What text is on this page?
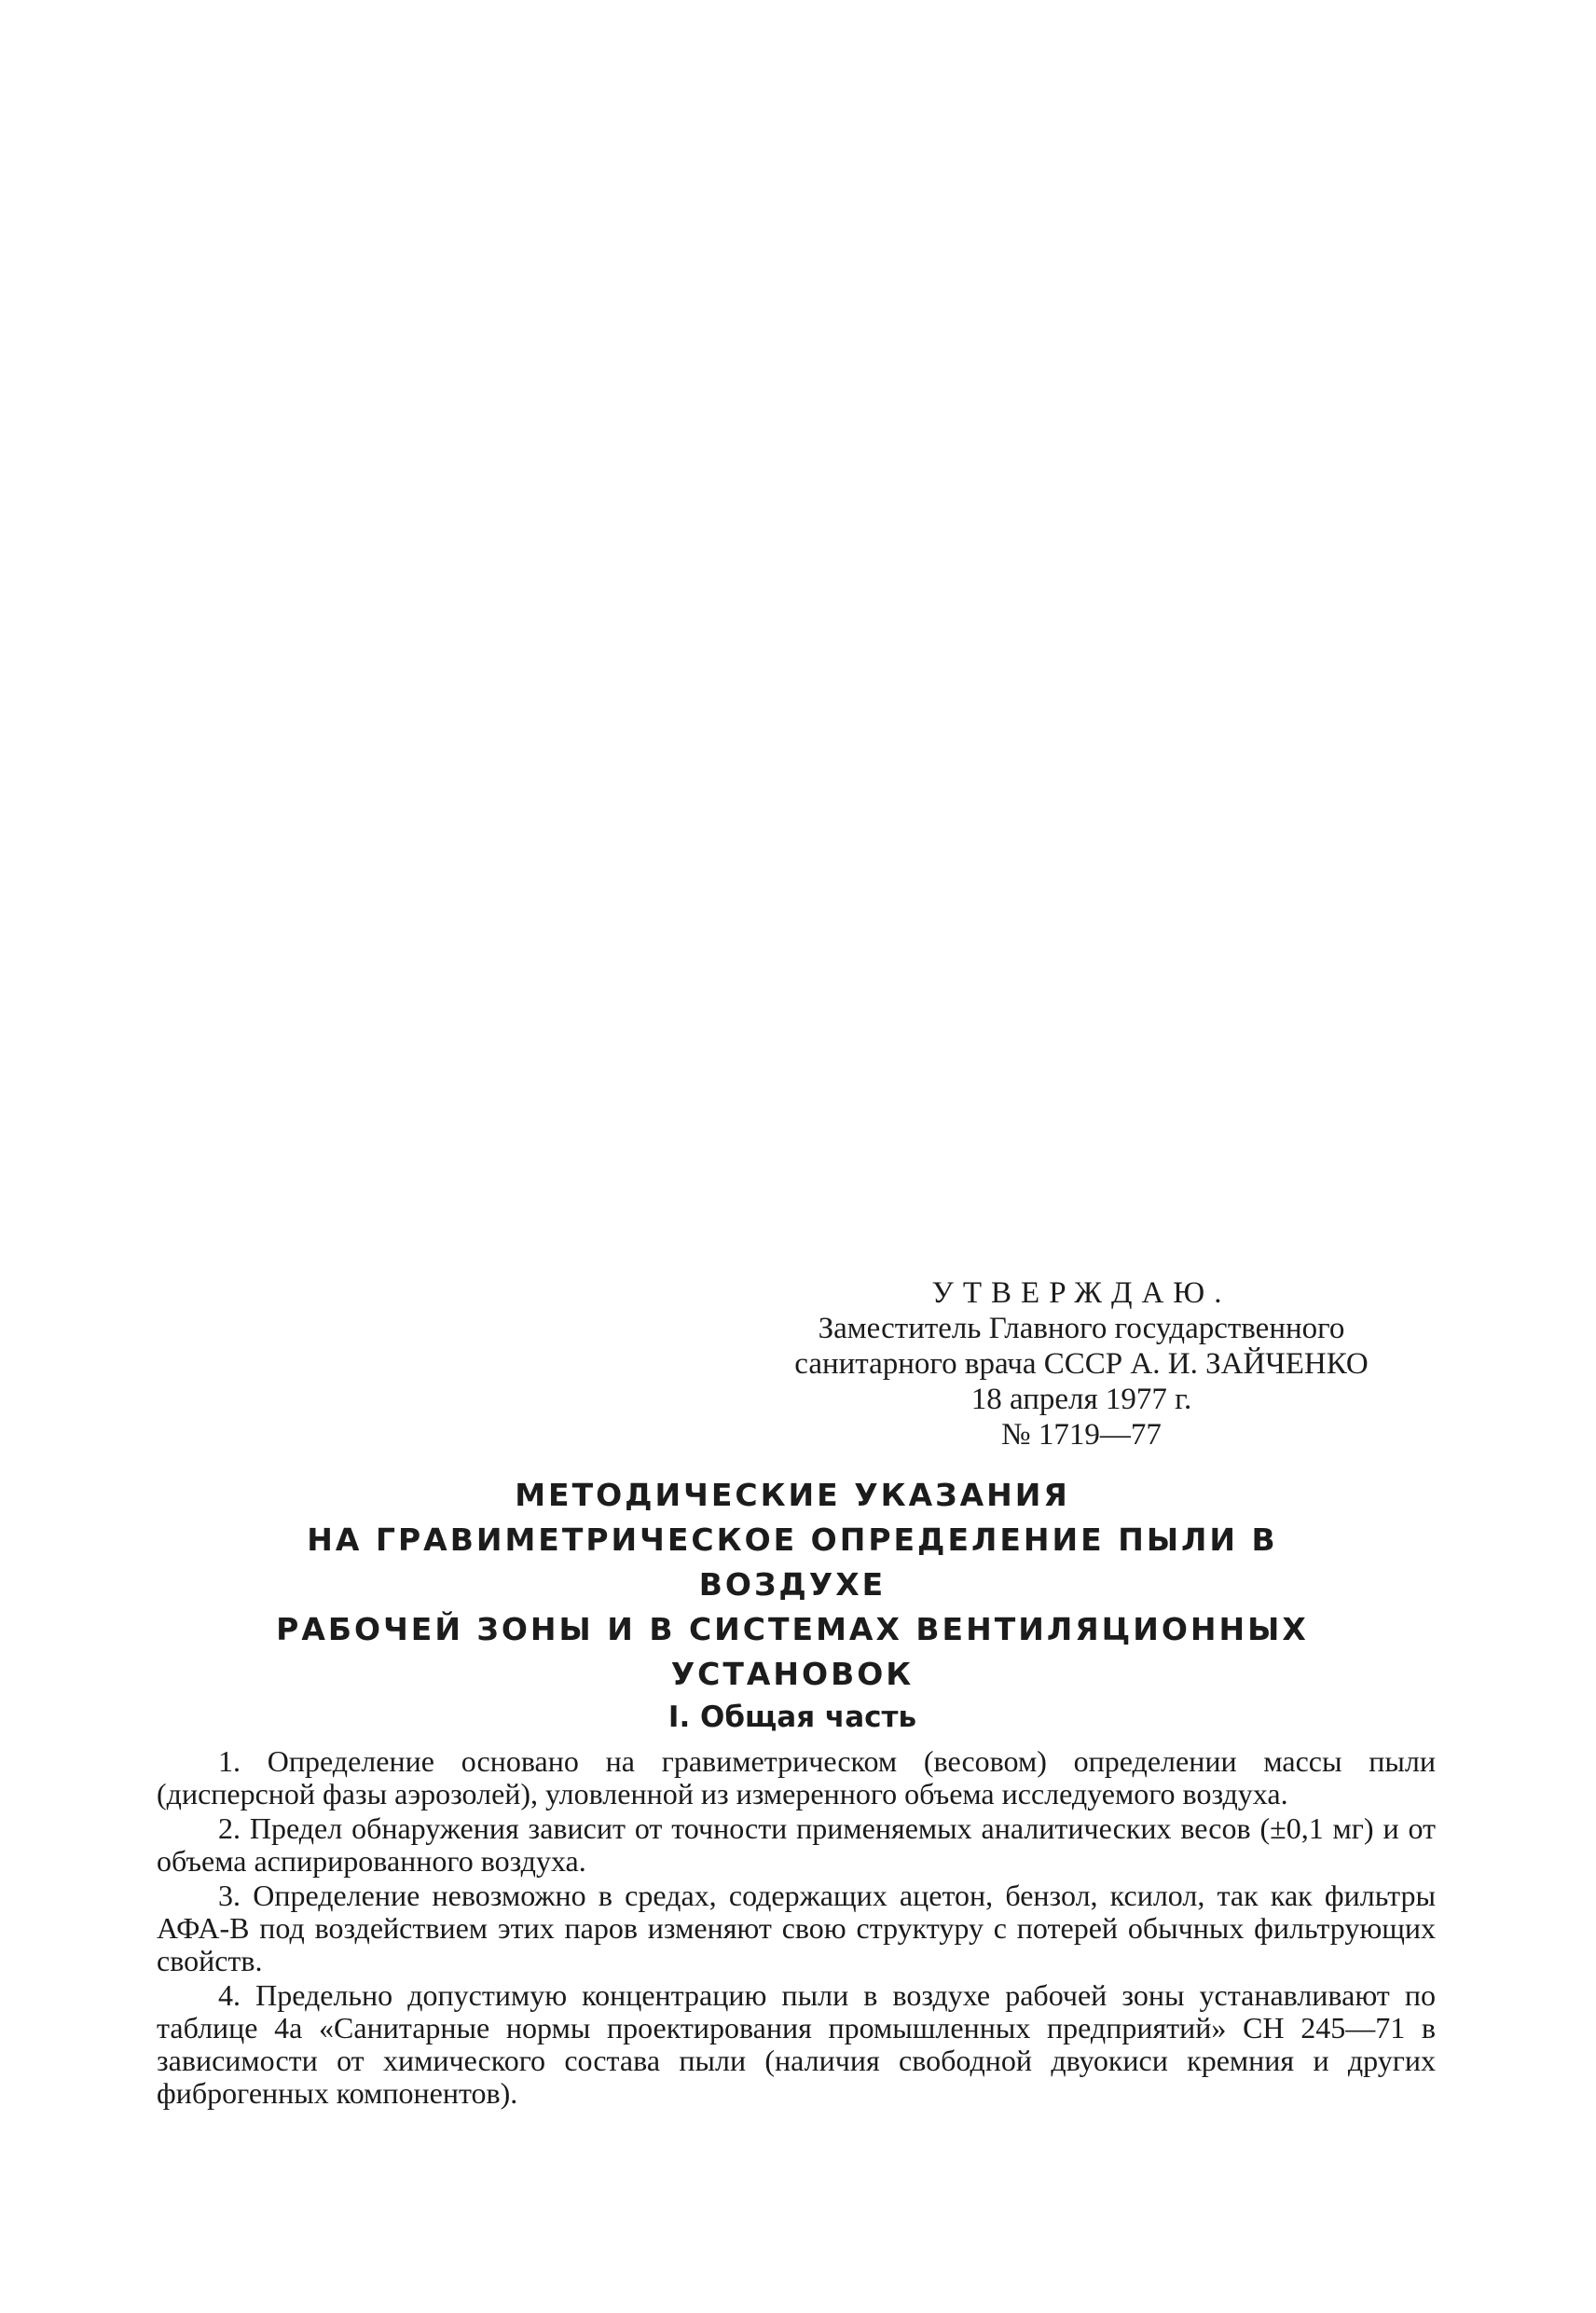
УТВЕРЖДАЮ.
Заместитель Главного государственного
санитарного врача СССР А. И. ЗАЙЧЕНКО
18 апреля 1977 г.
№ 1719—77
МЕТОДИЧЕСКИЕ УКАЗАНИЯ
НА ГРАВИМЕТРИЧЕСКОЕ ОПРЕДЕЛЕНИЕ ПЫЛИ В ВОЗДУХЕ
РАБОЧЕЙ ЗОНЫ И В СИСТЕМАХ ВЕНТИЛЯЦИОННЫХ
УСТАНОВОК
I. Общая часть

1. Определение основано на гравиметрическом (весовом) определении массы пыли (дисперсной фазы аэрозолей), уловленной из измеренного объема исследуемого воздуха.

2. Предел обнаружения зависит от точности применяемых аналитических весов (±0,1 мг) и от объема аспирированного воздуха.

3. Определение невозможно в средах, содержащих ацетон, бензол, ксилол, так как фильтры АФА-В под воздействием этих паров изменяют свою структуру с потерей обычных фильтрующих свойств.

4. Предельно допустимую концентрацию пыли в воздухе рабочей зоны устанавливают по таблице 4а «Санитарные нормы проектирования промышленных предприятий» СН 245—71 в зависимости от химического состава пыли (наличия свободной двуокиси кремния и других фиброгенных компонентов).
